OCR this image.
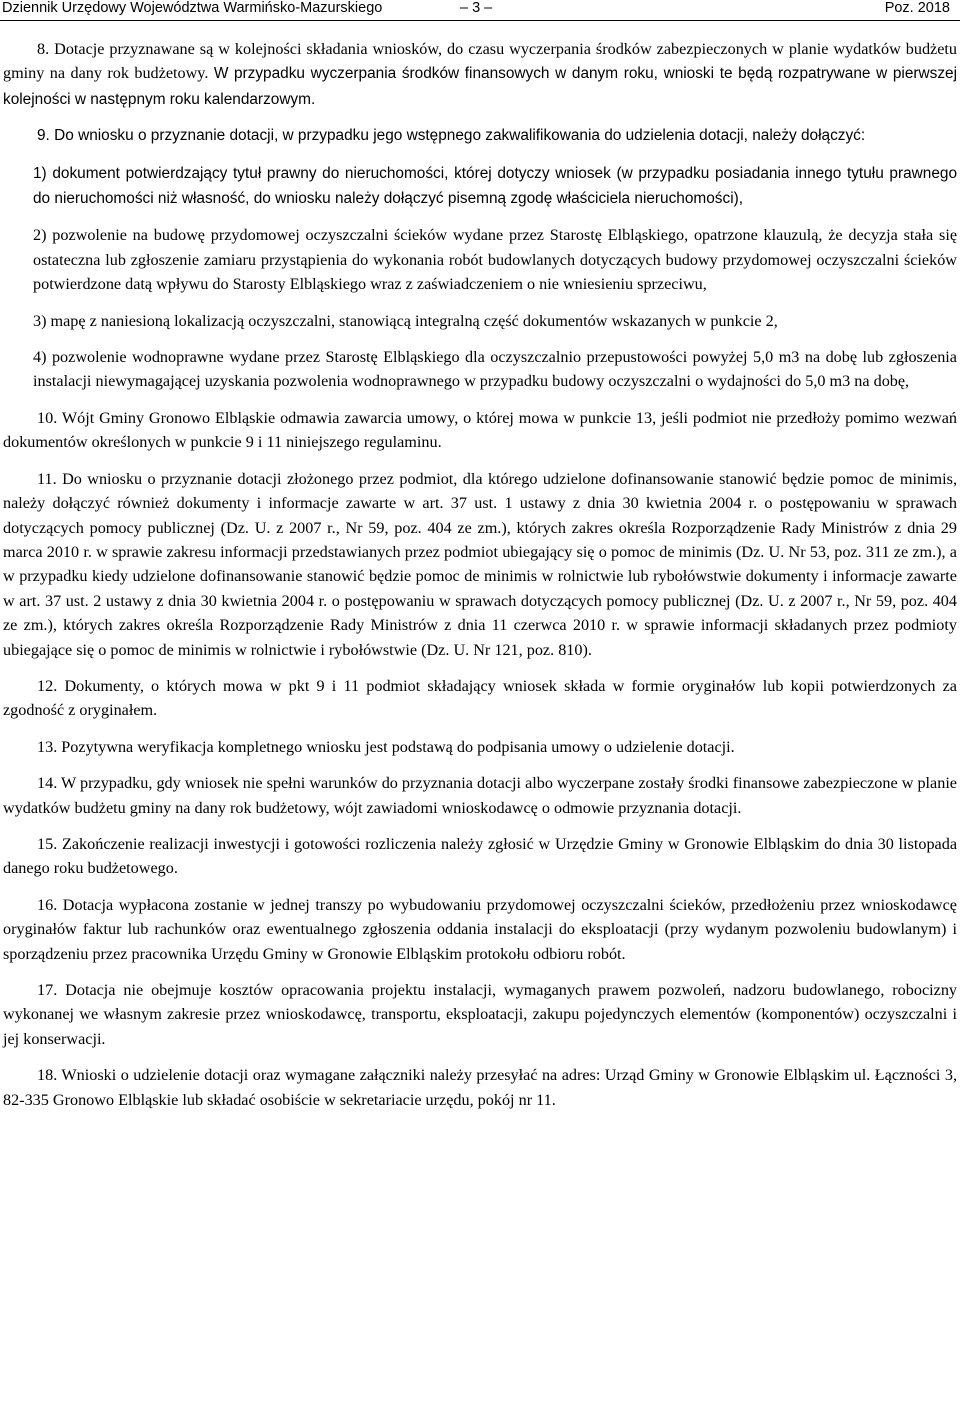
Dziennik Urzędowy Województwa Warmińsko-Mazurskiego	– 3 –	Poz. 2018

8. Dotacje przyznawane są w kolejności składania wniosków, do czasu wyczerpania środków zabezpieczonych w planie wydatków budżetu gminy na dany rok budżetowy. W przypadku wyczerpania środków finansowych w danym roku, wnioski te będą rozpatrywane w pierwszej kolejności w następnym roku kalendarzowym.

9. Do wniosku o przyznanie dotacji, w przypadku jego wstępnego zakwalifikowania do udzielenia dotacji, należy dołączyć:

1) dokument potwierdzający tytuł prawny do nieruchomości, której dotyczy wniosek (w przypadku posiadania innego tytułu prawnego do nieruchomości niż własność, do wniosku należy dołączyć pisemną zgodę właściciela nieruchomości),

2) pozwolenie na budowę przydomowej oczyszczalni ścieków wydane przez Starostę Elbląskiego, opatrzone klauzulą, że decyzja stała się ostateczna lub zgłoszenie zamiaru przystąpienia do wykonania robót budowlanych dotyczących budowy przydomowej oczyszczalni ścieków potwierdzone datą wpływu do Starosty Elbląskiego wraz z zaświadczeniem o nie wniesieniu sprzeciwu,

3) mapę z naniesioną lokalizacją oczyszczalni, stanowiącą integralną część dokumentów wskazanych w punkcie 2,

4) pozwolenie wodnoprawne wydane przez Starostę Elbląskiego dla oczyszczalnio przepustowości powyżej 5,0 m3 na dobę lub zgłoszenia instalacji niewymagającej uzyskania pozwolenia wodnoprawnego w przypadku budowy oczyszczalni o wydajności do 5,0 m3 na dobę,

10. Wójt Gminy Gronowo Elbląskie odmawia zawarcia umowy, o której mowa w punkcie 13, jeśli podmiot nie przedłoży pomimo wezwań dokumentów określonych w punkcie 9 i 11 niniejszego regulaminu.

11. Do wniosku o przyznanie dotacji złożonego przez podmiot, dla którego udzielone dofinansowanie stanowić będzie pomoc de minimis, należy dołączyć również dokumenty i informacje zawarte w art. 37 ust. 1 ustawy z dnia 30 kwietnia 2004 r. o postępowaniu w sprawach dotyczących pomocy publicznej (Dz. U. z 2007 r., Nr 59, poz. 404 ze zm.), których zakres określa Rozporządzenie Rady Ministrów z dnia 29 marca 2010 r. w sprawie zakresu informacji przedstawianych przez podmiot ubiegający się o pomoc de minimis (Dz. U. Nr 53, poz. 311 ze zm.), a w przypadku kiedy udzielone dofinansowanie stanowić będzie pomoc de minimis w rolnictwie lub rybołówstwie dokumenty i informacje zawarte w art. 37 ust. 2 ustawy z dnia 30 kwietnia 2004 r. o postępowaniu w sprawach dotyczących pomocy publicznej (Dz. U. z 2007 r., Nr 59, poz. 404 ze zm.), których zakres określa Rozporządzenie Rady Ministrów z dnia 11 czerwca 2010 r. w sprawie informacji składanych przez podmioty ubiegające się o pomoc de minimis w rolnictwie i rybołówstwie (Dz. U. Nr 121, poz. 810).

12. Dokumenty, o których mowa w pkt 9 i 11 podmiot składający wniosek składa w formie oryginałów lub kopii potwierdzonych za zgodność z oryginałem.

13. Pozytywna weryfikacja kompletnego wniosku jest podstawą do podpisania umowy o udzielenie dotacji.

14. W przypadku, gdy wniosek nie spełni warunków do przyznania dotacji albo wyczerpane zostały środki finansowe zabezpieczone w planie wydatków budżetu gminy na dany rok budżetowy, wójt zawiadomi wnioskodawcę o odmowie przyznania dotacji.

15. Zakończenie realizacji inwestycji i gotowości rozliczenia należy zgłosić w Urzędzie Gminy w Gronowie Elbląskim do dnia 30 listopada danego roku budżetowego.

16. Dotacja wypłacona zostanie w jednej transzy po wybudowaniu przydomowej oczyszczalni ścieków, przedłożeniu przez wnioskodawcę oryginałów faktur lub rachunków oraz ewentualnego zgłoszenia oddania instalacji do eksploatacji (przy wydanym pozwoleniu budowlanym) i sporządzeniu przez pracownika Urzędu Gminy w Gronowie Elbląskim protokołu odbioru robót.

17. Dotacja nie obejmuje kosztów opracowania projektu instalacji, wymaganych prawem pozwoleń, nadzoru budowlanego, robocizny wykonanej we własnym zakresie przez wnioskodawcę, transportu, eksploatacji, zakupu pojedynczych elementów (komponentów) oczyszczalni i jej konserwacji.

18. Wnioski o udzielenie dotacji oraz wymagane załączniki należy przesyłać na adres: Urząd Gminy w Gronowie Elbląskim ul. Łączności 3, 82-335 Gronowo Elbląskie lub składać osobiście w sekretariacie urzędu, pokój nr 11.
